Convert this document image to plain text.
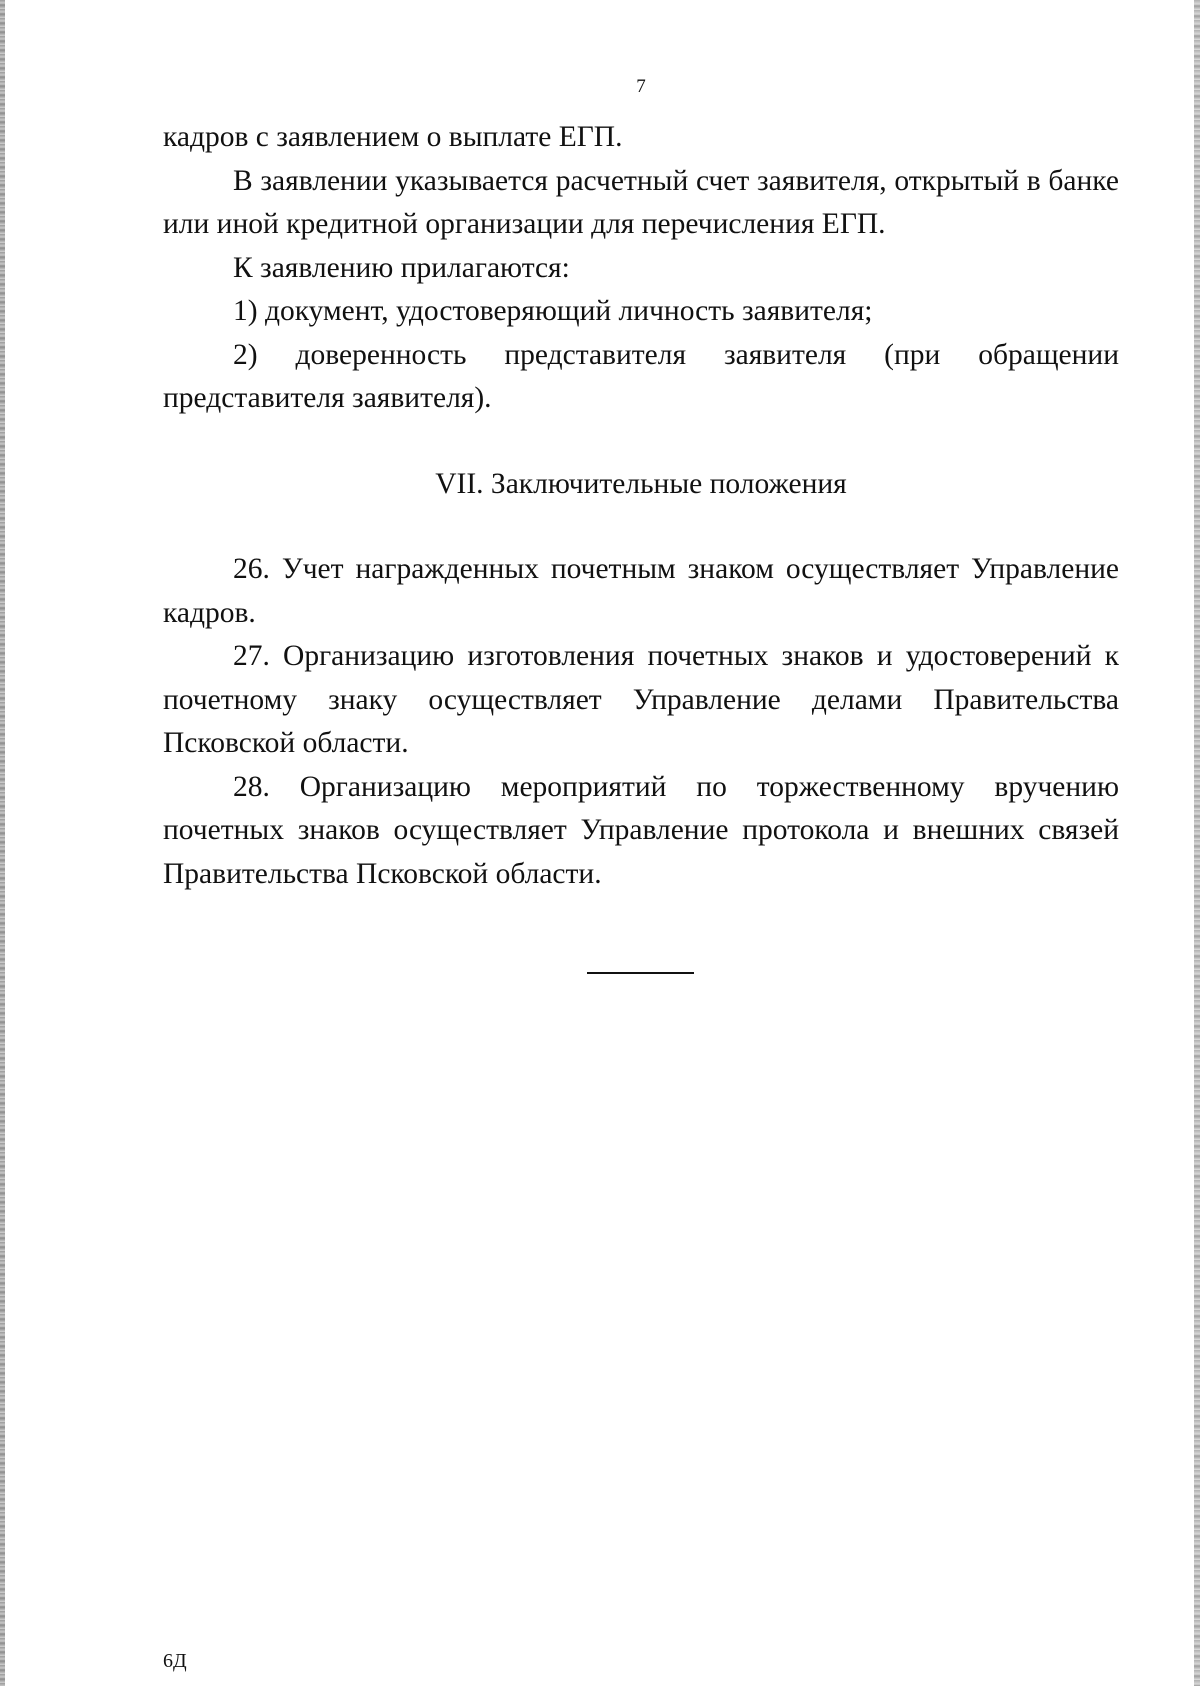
7

кадров с заявлением о выплате ЕГП.

В заявлении указывается расчетный счет заявителя, открытый в банке или иной кредитной организации для перечисления ЕГП.

К заявлению прилагаются:

1) документ, удостоверяющий личность заявителя;

2) доверенность представителя заявителя (при обращении

представителя заявителя).

VII. Заключительные положения

26. Учет награжденных почетным знаком осуществляет Управление кадров.

27. Организацию изготовления почетных знаков и удостоверений к почетному знаку осуществляет Управление делами Правительства Псковской области.

28. Организацию мероприятий по торжественному вручению почетных знаков осуществляет Управление протокола и внешних связей Правительства Псковской области.

6Д
